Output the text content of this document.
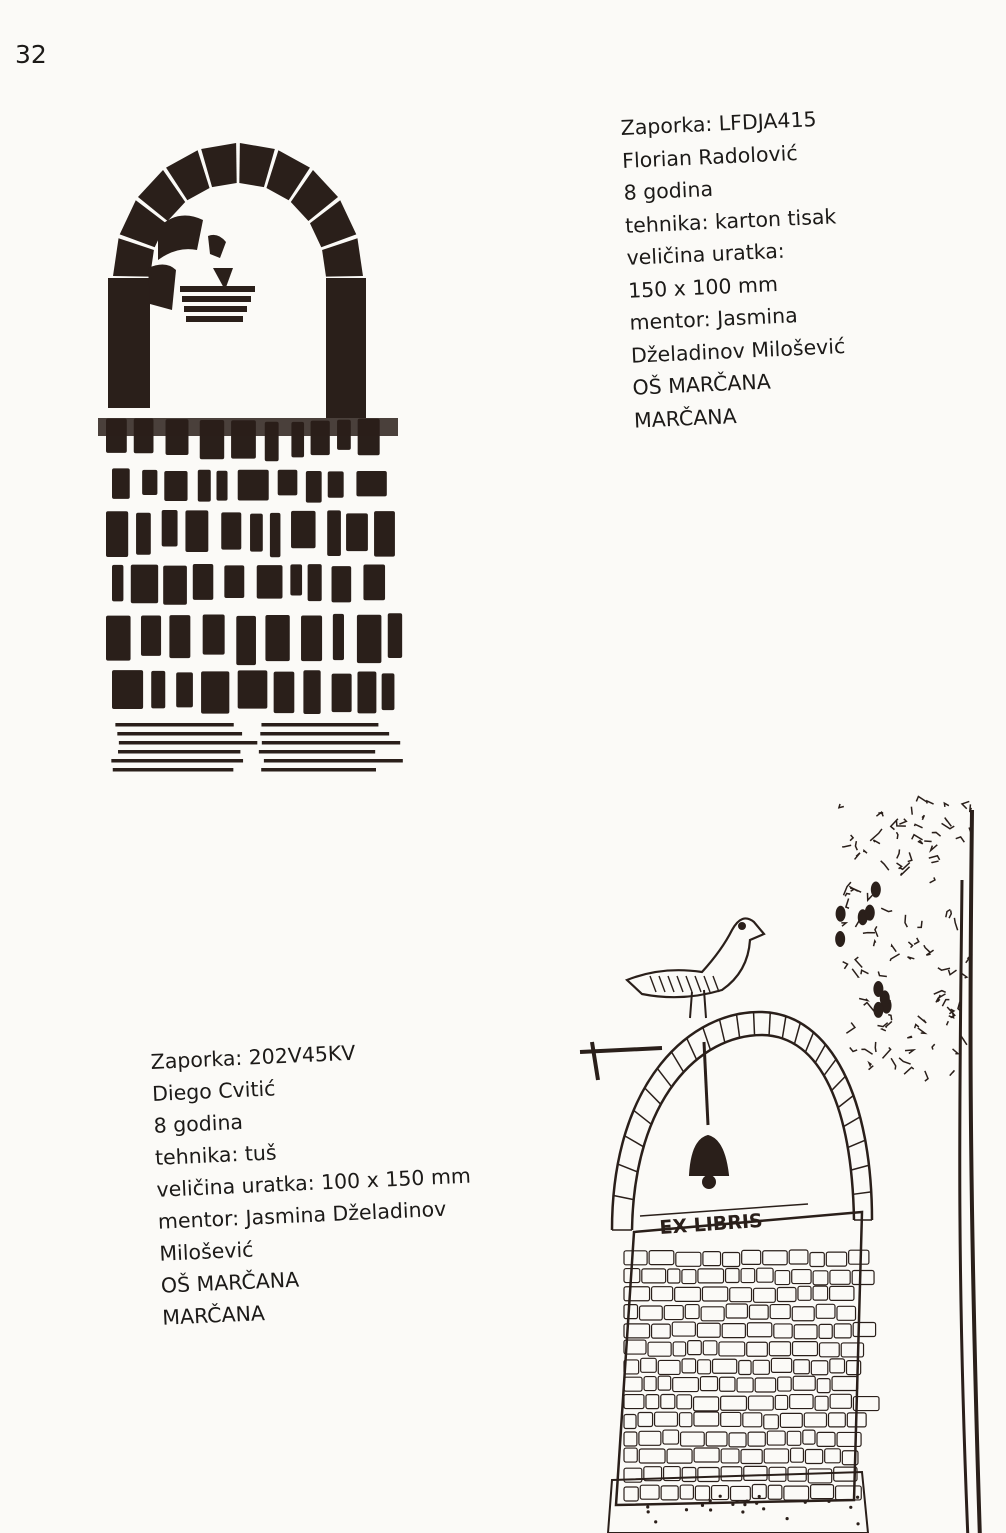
32
Zaporka: LFDJA415
Florian Radolović
8 godina
tehnika: karton tisak
veličina uratka:
150 x 100 mm
mentor: Jasmina
Dželadinov Milošević
OŠ MARČANA
MARČANA
Zaporka: 202V45KV
Diego Cvitić
8 godina
tehnika: tuš
veličina uratka: 100 x 150 mm
mentor: Jasmina Dželadinov
Milošević
OŠ MARČANA
MARČANA
EX LIBRIS
